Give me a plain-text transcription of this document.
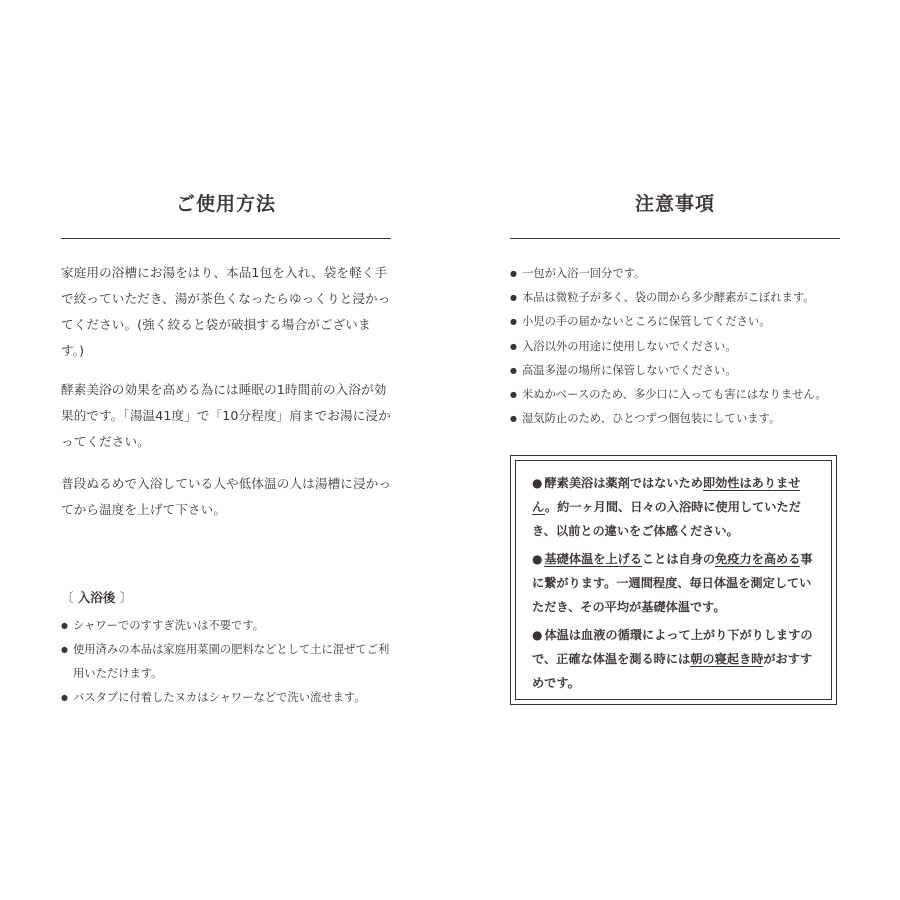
ご使用方法

家庭用の浴槽にお湯をはり、本品1包を入れ、袋を軽く手で絞っていただき、湯が茶色くなったらゆっくりと浸かってください。(強く絞ると袋が破損する場合がございます。)

酵素美浴の効果を高める為には睡眠の1時間前の入浴が効果的です。「湯温41度」で「10分程度」肩までお湯に浸かってください。

普段ぬるめで入浴している人や低体温の人は湯槽に浸かってから温度を上げて下さい。

〔 入浴後 〕
● シャワーでのすすぎ洗いは不要です。
● 使用済みの本品は家庭用菜園の肥料などとして土に混ぜてご利用いただけます。
● バスタブに付着したヌカはシャワーなどで洗い流せます。
注意事項
● 一包が入浴一回分です。
● 本品は微粒子が多く、袋の間から多少酵素がこぼれます。
● 小児の手の届かないところに保管してください。
● 入浴以外の用途に使用しないでください。
● 高温多湿の場所に保管しないでください。
● 米ぬかベースのため、多少口に入っても害にはなりません。
● 湿気防止のため、ひとつずつ個包装にしています。

● 酵素美浴は薬剤ではないため即効性はありません。約一ヶ月間、日々の入浴時に使用していただき、以前との違いをご体感ください。

● 基礎体温を上げることは自身の免疫力を高める事に繋がります。一週間程度、毎日体温を測定していただき、その平均が基礎体温です。

● 体温は血液の循環によって上がり下がりしますので、正確な体温を測る時には朝の寝起き時がおすすめです。
